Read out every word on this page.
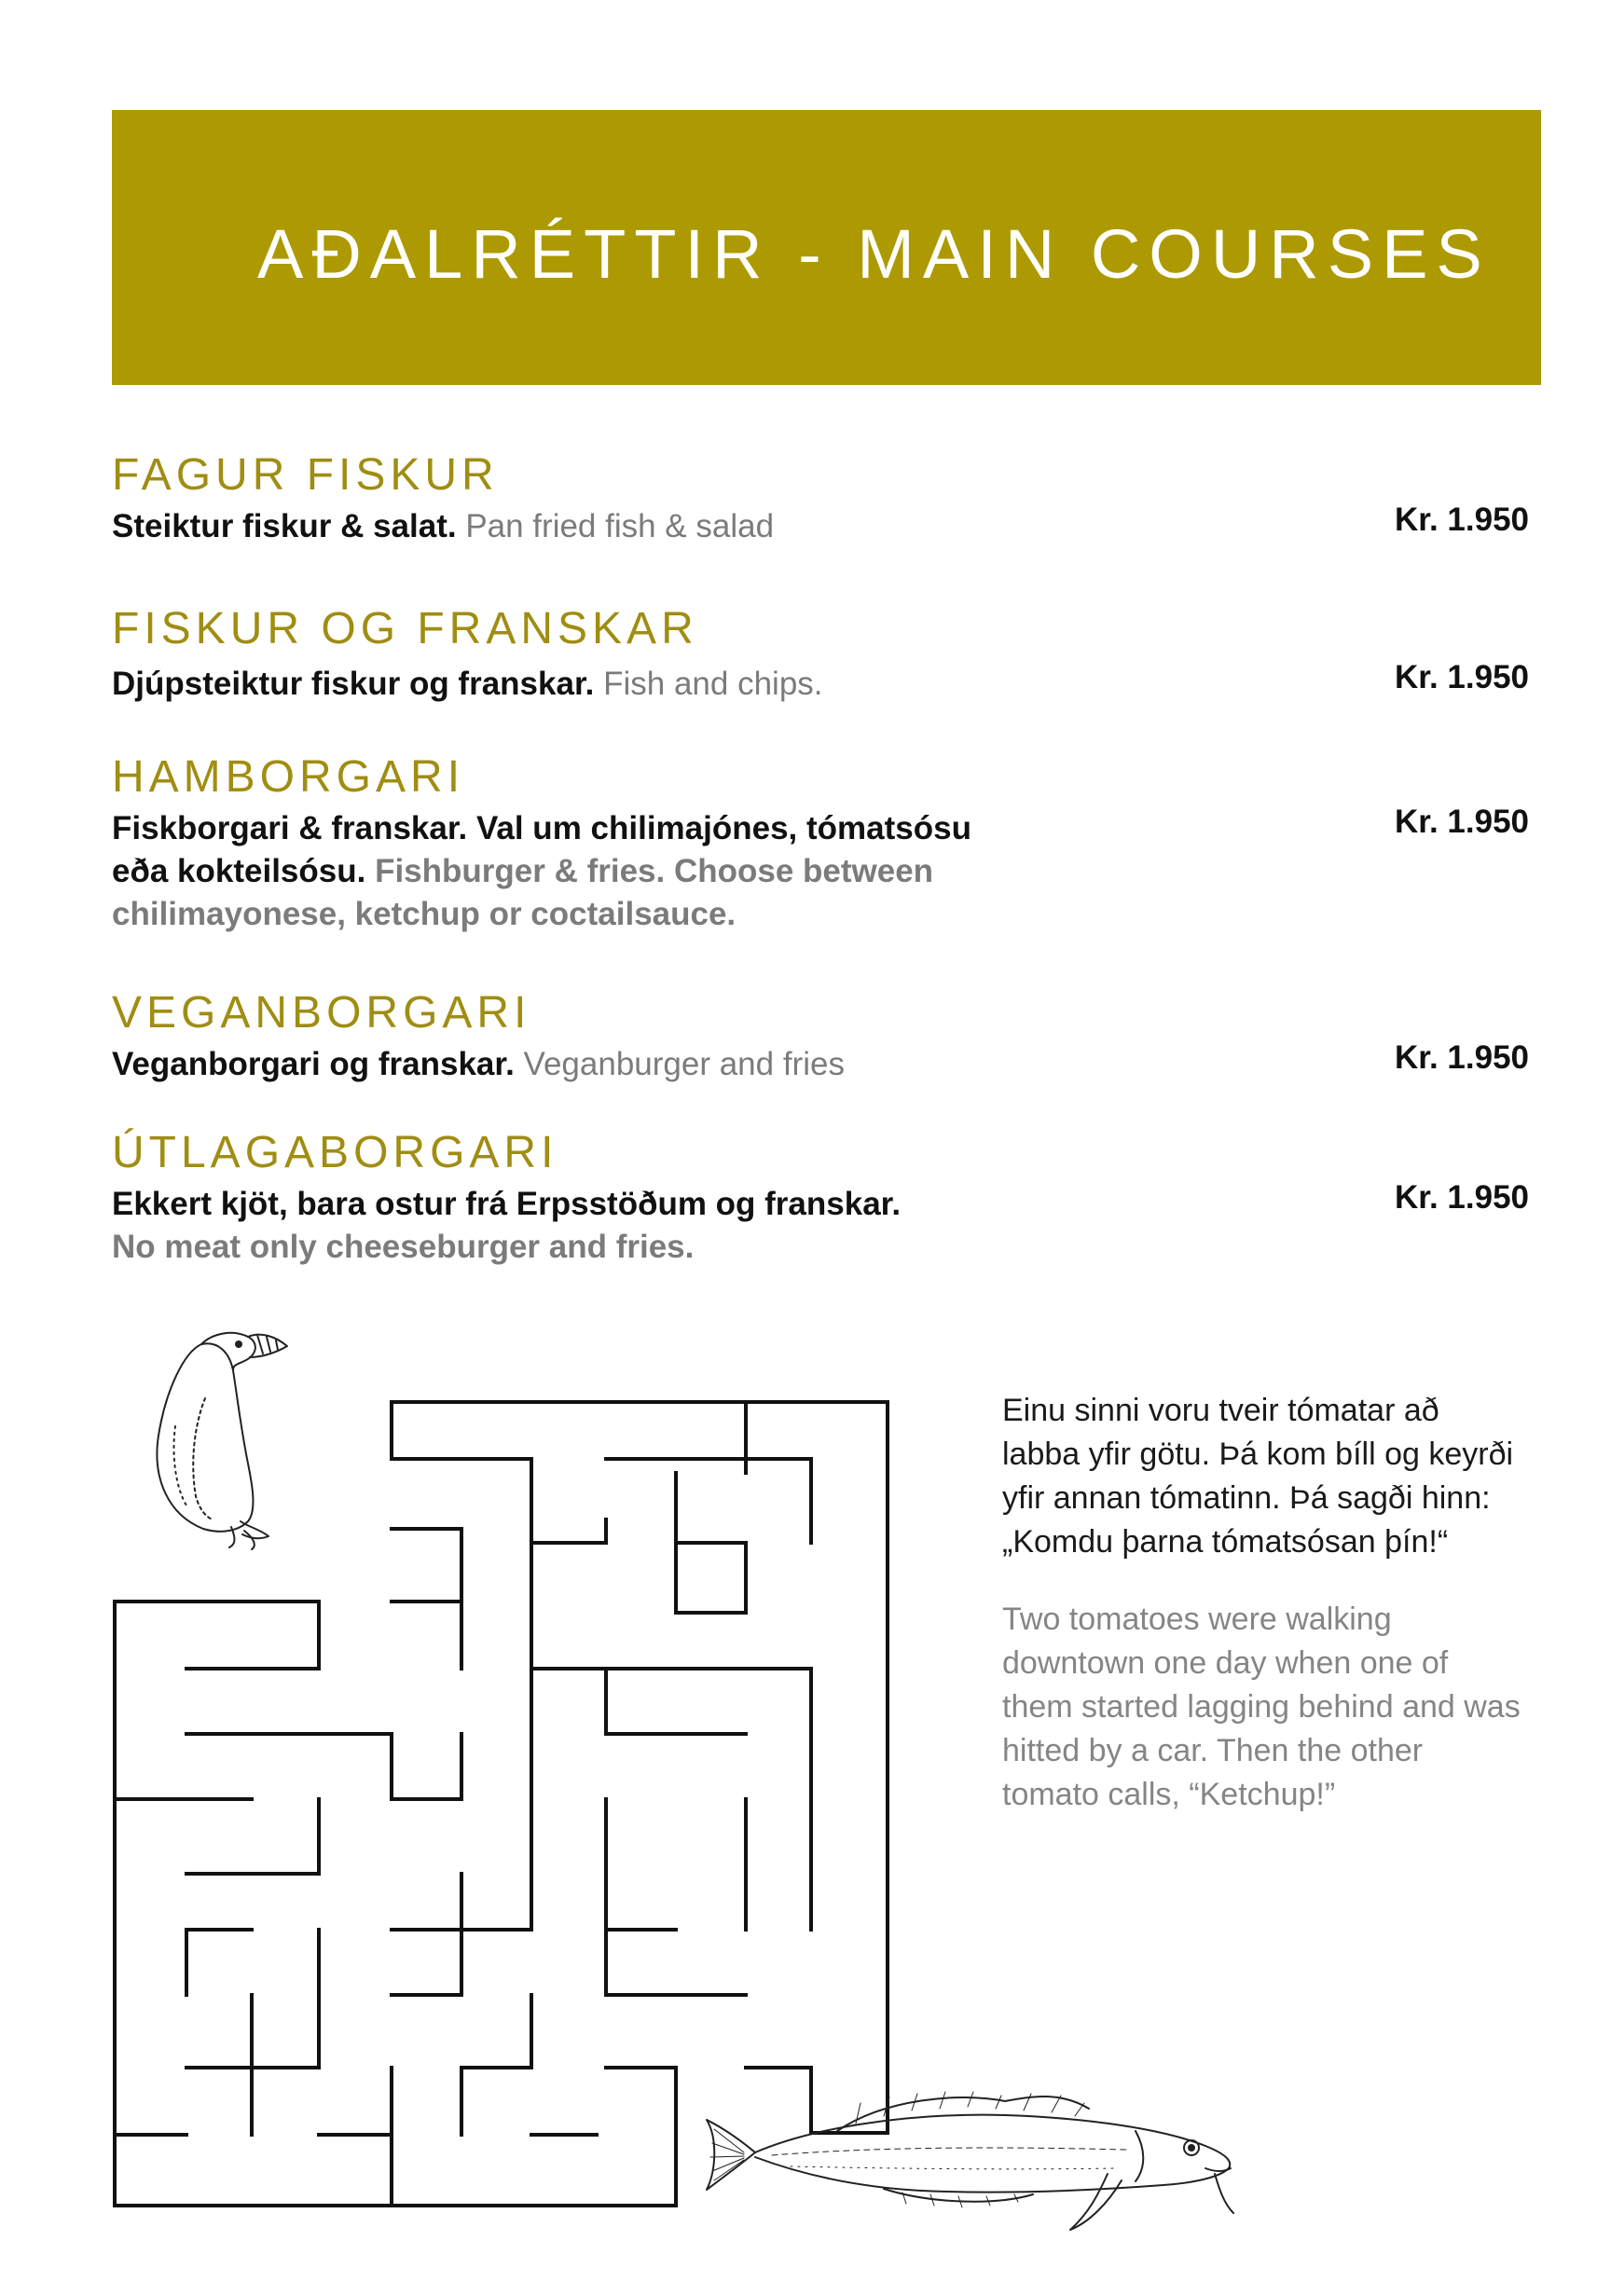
AÐALRÉTTIR - MAIN COURSES
FAGUR FISKUR
Steiktur fiskur & salat. Pan fried fish & salad	Kr. 1.950
FISKUR OG FRANSKAR
Djúpsteiktur fiskur og franskar. Fish and chips.	Kr. 1.950
HAMBORGARI
Fiskborgari & franskar. Val um chilimajónes, tómatsósu eða kokteilsósu. Fishburger & fries. Choose between chilimayonese, ketchup or coctailsauce.
Kr. 1.950
VEGANBORGARI
Veganborgari og franskar. Veganburger and fries	Kr. 1.950
ÚTLAGABORGARI
Ekkert kjöt, bara ostur frá Erpsstöðum og franskar.
No meat only cheeseburger and fries.
Kr. 1.950
Einu sinni voru tveir tómatar að labba yfir götu. Þá kom bíll og keyrði yfir annan tómatinn. Þá sagði hinn: „Komdu þarna tómatsósan þín!“
Two tomatoes were walking downtown one day when one of them started lagging behind and was hitted by a car. Then the other tomato calls, “Ketchup!”
